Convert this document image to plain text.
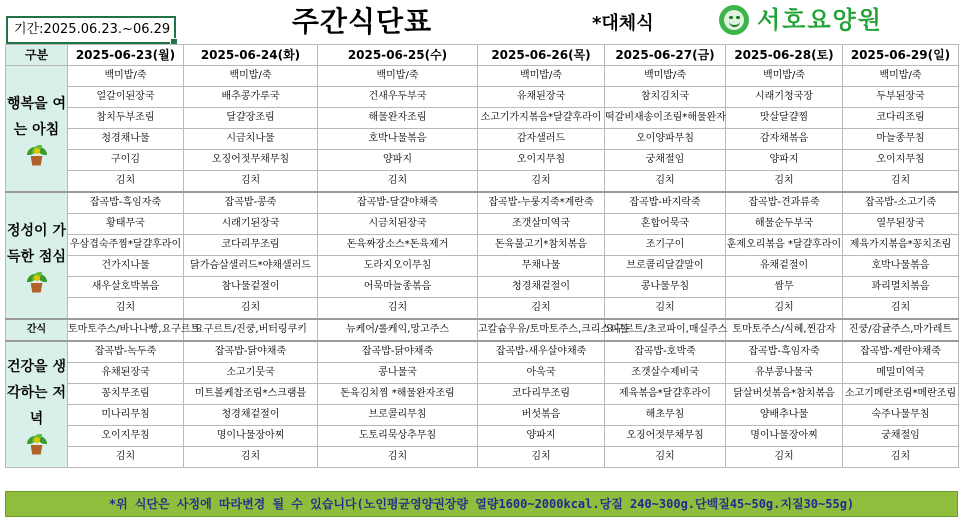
기간:2025.06.23.~06.29	주간식단표	*대체식	서호요양원
구분	2025-06-23(월)	2025-06-24(화)	2025-06-25(수)	2025-06-26(목)	2025-06-27(금)	2025-06-28(토)	2025-06-29(일)
행복을 여는 아침	백미밥/죽	백미밥/죽	백미밥/죽	백미밥/죽	백미밥/죽	백미밥/죽	백미밥/죽
	얼갈이된장국	배추콩가루국	건새우두부국	유채된장국	참치김치국	시래기청국장	두부된장국
	참치두부조림	달걀장조림	해물완자조림	소고기가지볶음*달걀후라이	떡갈비새송이조림*해물완자	맛살달걀찜	코다리조림
	청경채나물	시금치나물	호박나물볶음	감자샐러드	오이양파무침	감자채볶음	마늘종무침
	구이김	오징어젓무채무침	양파지	오이지무침	궁채절임	양파지	오이지무침
	김치	김치	김치	김치	김치	김치	김치
정성이 가득한 점심	잡곡밥-흑임자죽	잡곡밥-콩죽	잡곡밥-달걀야채죽	잡곡밥-누룽지죽*계란죽	잡곡밥-바지락죽	잡곡밥-견과류죽	잡곡밥-소고기죽
	황태무국	시래기된장국	시금치된장국	조갯살미역국	혼합어묵국	해물순두부국	열무된장국
	우삼겹숙주찜*달걀후라이	코다리무조림	돈육짜장소스*돈육제거	돈육불고기*참치볶음	조기구이	훈제오리볶음 *달걀후라이	제육가지볶음*꽁치조림
	건가지나물	닭가슴살샐러드*야채샐러드	도라지오이무침	무채나물	브로콜리달걀말이	유채겉절이	호박나물볶음
	새우살호박볶음	참나물겉절이	어묵마늘종볶음	청경채겉절이	콩나물무침	쌈무	꽈리멸치볶음
	김치	김치	김치	김치	김치	김치	김치
간식	토마토주스/바나나빵,요구르트	요구르트/진쿵,버터링쿠키	뉴케어/롤케익,망고주스	고칼슘우유/토마토주스,크리스피롤	요구르트/초코파이,매실주스	토마토주스/식혜,찐감자	진쿵/감귤주스,마가레트
건강을 생각하는 저녁	잡곡밥-녹두죽	잡곡밥-닭야채죽	잡곡밥-닭야채죽	잡곡밥-새우살야채죽	잡곡밥-호박죽	잡곡밥-흑임자죽	잡곡밥-계란야채죽
	유채된장국	소고기뭇국	콩나물국	아욱국	조갯살수제비국	유부콩나물국	메밀미역국
	꽁치무조림	미트볼케찹조림*스크램블	돈육김치찜 *해물완자조림	코다리무조림	제육볶음*달걀후라이	닭살버섯볶음*참치볶음	소고기메란조림*메란조림
	미나리무침	청경채겉절이	브로콜리무침	버섯볶음	해초무침	양배추나물	숙주나물무침
	오이지무침	명이나물장아찌	도토리묵상추무침	양파지	오징어젓무채무침	명이나물장아찌	궁채절임
	김치	김치	김치	김치	김치	김치	김치
*위 식단은 사정에 따라변경 될 수 있습니다(노인평균영양권장량 열량1600~2000kcal.당질 240~300g.단백질45~50g.지질30~55g)
